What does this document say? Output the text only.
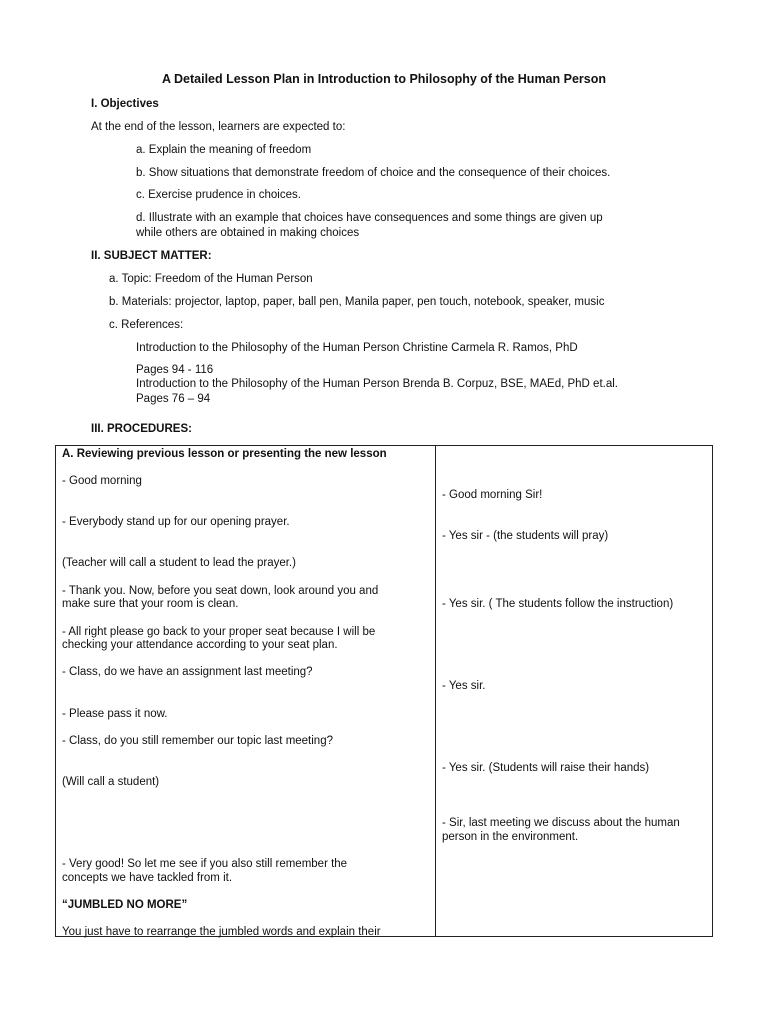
A Detailed Lesson Plan in Introduction to Philosophy of the Human Person
I. Objectives
At the end of the lesson, learners are expected to:
a. Explain the meaning of freedom
b. Show situations that demonstrate freedom of choice and the consequence of their choices.
c. Exercise prudence in choices.
d. Illustrate with an example that choices have consequences and some things are given up
while others are obtained in making choices
II. SUBJECT MATTER:
a. Topic: Freedom of the Human Person
b. Materials: projector, laptop, paper, ball pen, Manila paper, pen touch, notebook, speaker, music
c. References:
Introduction to the Philosophy of the Human Person Christine Carmela R. Ramos, PhD
Pages 94 - 116
Introduction to the Philosophy of the Human Person Brenda B. Corpuz, BSE, MAEd, PhD et.al.
Pages 76 – 94
III. PROCEDURES:
A. Reviewing previous lesson or presenting the new lesson
- Good morning
- Everybody stand up for our opening prayer.
(Teacher will call a student to lead the prayer.)
- Thank you. Now, before you seat down, look around you and
make sure that your room is clean.
- All right please go back to your proper seat because I will be
checking your attendance according to your seat plan.
- Class, do we have an assignment last meeting?
- Please pass it now.
- Class, do you still remember our topic last meeting?
(Will call a student)
- Very good! So let me see if you also still remember the
concepts we have tackled from it.
“JUMBLED NO MORE”
You just have to rearrange the jumbled words and explain their
- Good morning Sir!
- Yes sir - (the students will pray)
- Yes sir. ( The students follow the instruction)
- Yes sir.
- Yes sir. (Students will raise their hands)
- Sir, last meeting we discuss about the human
person in the environment.
